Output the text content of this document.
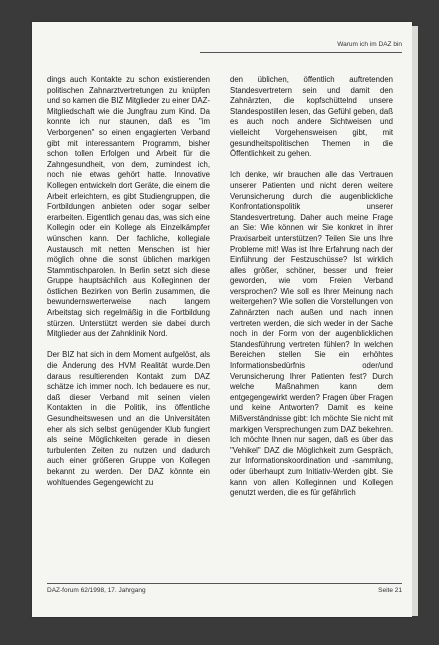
Warum ich im DAZ bin

dings auch Kontakte zu schon existierenden politischen Zahnarztvertretungen zu knüpfen und so kamen die BIZ Mitglieder zu einer DAZ-Mitgliedschaft wie die Jungfrau zum Kind. Da konnte ich nur staunen, daß es "im Verborgenen" so einen engagierten Verband gibt mit interessantem Programm, bisher schon tollen Erfolgen und Arbeit für die Zahngesundheit, von dem, zumindest ich, noch nie etwas gehört hatte. Innovative Kollegen entwickeln dort Geräte, die einem die Arbeit erleichtern, es gibt Studiengruppen, die Fortbildungen anbieten oder sogar selber erarbeiten. Eigentlich genau das, was sich eine Kollegin oder ein Kollege als Einzelkämpfer wünschen kann. Der fachliche, kollegiale Austausch mit netten Menschen ist hier möglich ohne die sonst üblichen markigen Stammtischparolen. In Berlin setzt sich diese Gruppe hauptsächlich aus Kolleginnen der östlichen Bezirken von Berlin zusammen, die bewundernswerterweise nach langem Arbeitstag sich regelmäßig in die Fortbildung stürzen. Unterstützt werden sie dabei durch Mitglieder aus der Zahnklinik Nord.

Der BIZ hat sich in dem Moment aufgelöst, als die Änderung des HVM Realität wurde.Den daraus resultierenden Kontakt zum DAZ schätze ich immer noch. Ich bedauere es nur, daß dieser Verband mit seinen vielen Kontakten in die Politik, ins öffentliche Gesundheitswesen und an die Universitäten eher als sich selbst genügender Klub fungiert als seine Möglichkeiten gerade in diesen turbulenten Zeiten zu nutzen und dadurch auch einer größeren Gruppe von Kollegen bekannt zu werden. Der DAZ könnte ein wohltuendes Gegengewicht zu

den üblichen, öffentlich auftretenden Standesvertretern sein und damit den Zahnärzten, die kopfschüttelnd unsere Standespostillen lesen, das Gefühl geben, daß es auch noch andere Sichtweisen und vielleicht Vorgehensweisen gibt, mit gesundheitspolitischen Themen in die Öffentlichkeit zu gehen.

Ich denke, wir brauchen alle das Vertrauen unserer Patienten und nicht deren weitere Verunsicherung durch die augenblickliche Konfrontationspolitik unserer Standesvertretung. Daher auch meine Frage an Sie: Wie können wir Sie konkret in ihrer Praxisarbeit unterstützen? Teilen Sie uns Ihre Probleme mit! Was ist Ihre Erfahrung nach der Einführung der Festzuschüsse? Ist wirklich alles größer, schöner, besser und freier geworden, wie vom Freien Verband versprochen? Wie soll es Ihrer Meinung nach weitergehen? Wie sollen die Vorstellungen von Zahnärzten nach außen und nach innen vertreten werden, die sich weder in der Sache noch in der Form von der augenblicklichen Standesführung vertreten fühlen? In welchen Bereichen stellen Sie ein erhöhtes Informationsbedürfnis oder/und Verunsicherung Ihrer Patienten fest? Durch welche Maßnahmen kann dem entgegengewirkt werden? Fragen über Fragen und keine Antworten? Damit es keine Mißverständnisse gibt: Ich möchte Sie nicht mit markigen Versprechungen zum DAZ bekehren. Ich möchte Ihnen nur sagen, daß es über das "Vehikel" DAZ die Möglichkeit zum Gespräch, zur Informationskoordination und -sammlung, oder überhaupt zum Initiativ-Werden gibt. Sie kann von allen Kolleginnen und Kollegen genutzt werden, die es für gefährlich

DAZ-forum 62/1998, 17. Jahrgang	Seite 21
